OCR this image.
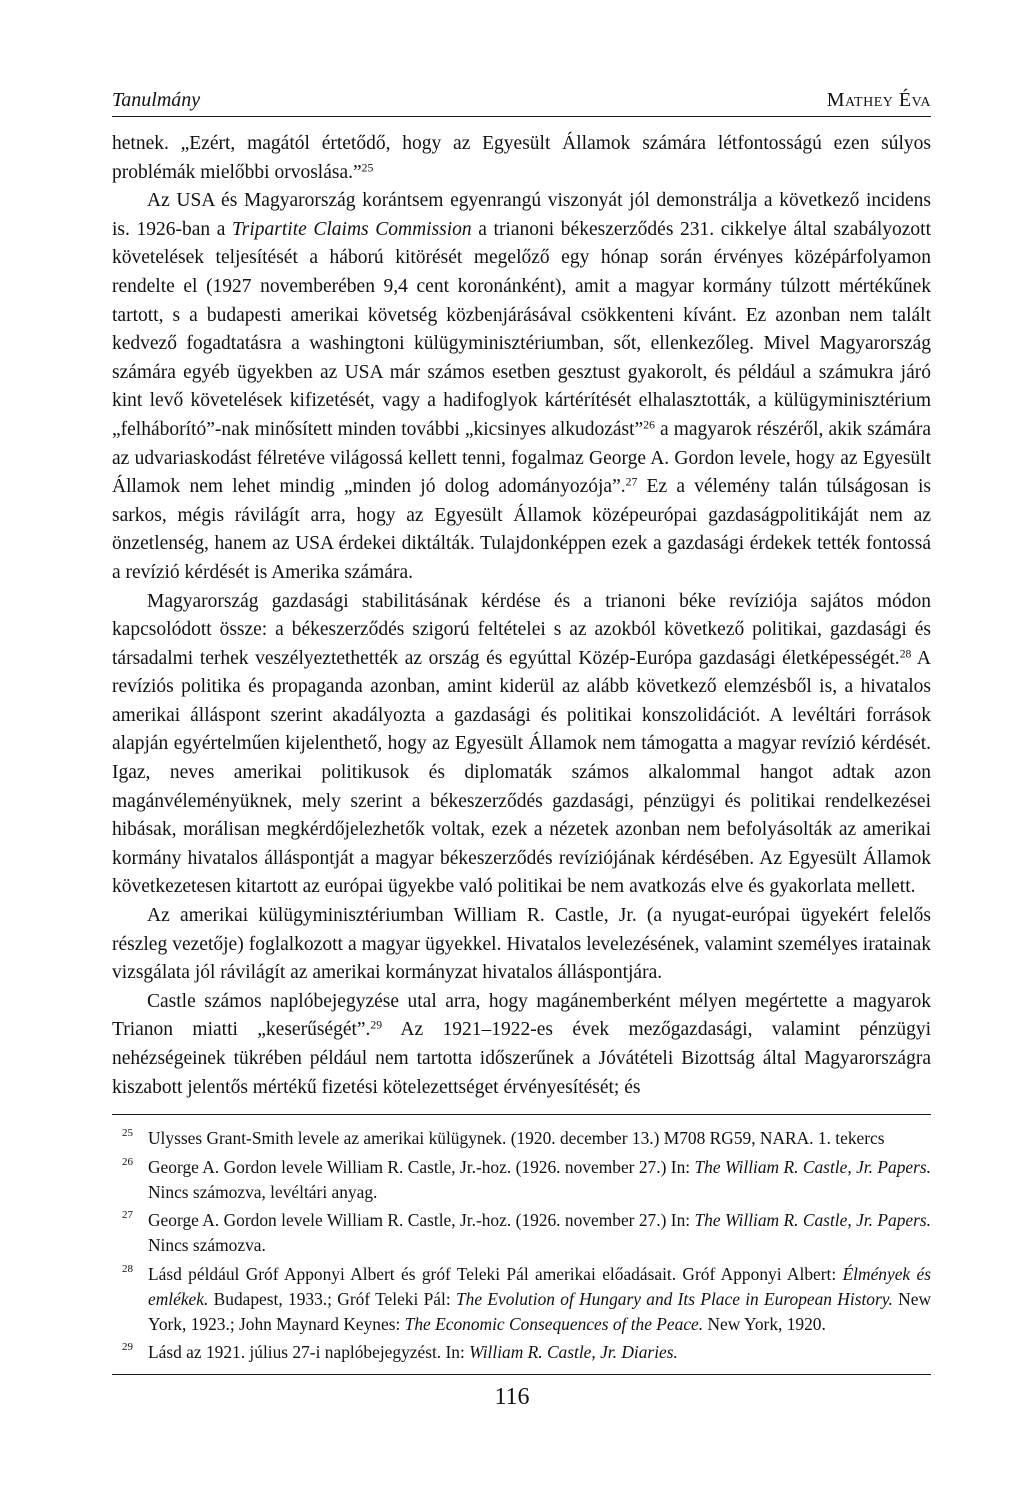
Tanulmány	Mathey Éva

hetnek. „Ezért, magától értetődő, hogy az Egyesült Államok számára létfontosságú ezen súlyos problémák mielőbbi orvoslása.”$^{25}$

Az USA és Magyarország korántsem egyenrangú viszonyát jól demonstrálja a következő incidens is. 1926-ban a Tripartite Claims Commission a trianoni békeszerződés 231. cikkelye által szabályozott követelések teljesítését a háború kitörését megelőző egy hónap során érvényes középárfolyamon rendelte el (1927 novemberében 9,4 cent koronánként), amit a magyar kormány túlzott mértékűnek tartott, s a budapesti amerikai követség közbenjárásával csökkenteni kívánt. Ez azonban nem talált kedvező fogadtatásra a washingtoni külügyminisztériumban, sőt, ellenkezőleg. Mivel Magyarország számára egyéb ügyekben az USA már számos esetben gesztust gyakorolt, és például a számukra járó kint levő követelések kifizetését, vagy a hadifoglyok kártérítését elhalasztották, a külügyminisztérium „felháborító”-nak minősített minden további „kicsinyes alkudozást”$^{26}$ a magyarok részéről, akik számára az udvariaskodást félretéve világossá kellett tenni, fogalmaz George A. Gordon levele, hogy az Egyesült Államok nem lehet mindig „minden jó dolog adományozója”.$^{27}$ Ez a vélemény talán túlságosan is sarkos, mégis rávilágít arra, hogy az Egyesült Államok középeurópai gazdaságpolitikáját nem az önzetlenség, hanem az USA érdekei diktálták. Tulajdonképpen ezek a gazdasági érdekek tették fontossá a revízió kérdését is Amerika számára.

Magyarország gazdasági stabilitásának kérdése és a trianoni béke revíziója sajátos módon kapcsolódott össze: a békeszerződés szigorú feltételei s az azokból következő politikai, gazdasági és társadalmi terhek veszélyeztethették az ország és egyúttal Közép-Európa gazdasági életképességét.$^{28}$ A revíziós politika és propaganda azonban, amint kiderül az alább következő elemzésből is, a hivatalos amerikai álláspont szerint akadályozta a gazdasági és politikai konszolidációt. A levéltári források alapján egyértelműen kijelenthető, hogy az Egyesült Államok nem támogatta a magyar revízió kérdését. Igaz, neves amerikai politikusok és diplomaták számos alkalommal hangot adtak azon magánvéleményüknek, mely szerint a békeszerződés gazdasági, pénzügyi és politikai rendelkezései hibásak, morálisan megkérdőjelezhetők voltak, ezek a nézetek azonban nem befolyásolták az amerikai kormány hivatalos álláspontját a magyar békeszerződés revíziójának kérdésében. Az Egyesült Államok következetesen kitartott az európai ügyekbe való politikai be nem avatkozás elve és gyakorlata mellett.

Az amerikai külügyminisztériumban William R. Castle, Jr. (a nyugat-európai ügyekért felelős részleg vezetője) foglalkozott a magyar ügyekkel. Hivatalos levelezésének, valamint személyes iratainak vizsgálata jól rávilágít az amerikai kormányzat hivatalos álláspontjára.

Castle számos naplóbejegyzése utal arra, hogy magánemberként mélyen megértette a magyarok Trianon miatti „keserűségét”.$^{29}$ Az 1921–1922-es évek mezőgazdasági, valamint pénzügyi nehézségeinek tükrében például nem tartotta időszerűnek a Jóvátételi Bizottság által Magyarországra kiszabott jelentős mértékű fizetési kötelezettséget érvényesítését; és

25 Ulysses Grant-Smith levele az amerikai külügynek. (1920. december 13.) M708 RG59, NARA. 1. tekercs
26 George A. Gordon levele William R. Castle, Jr.-hoz. (1926. november 27.) In: The William R. Castle, Jr. Papers. Nincs számozva, levéltári anyag.
27 George A. Gordon levele William R. Castle, Jr.-hoz. (1926. november 27.) In: The William R. Castle, Jr. Papers. Nincs számozva.
28 Lásd például Gróf Apponyi Albert és gróf Teleki Pál amerikai előadásait. Gróf Apponyi Albert: Élmények és emlékek. Budapest, 1933.; Gróf Teleki Pál: The Evolution of Hungary and Its Place in European History. New York, 1923.; John Maynard Keynes: The Economic Consequences of the Peace. New York, 1920.
29 Lásd az 1921. július 27-i naplóbejegyzést. In: William R. Castle, Jr. Diaries.
116
